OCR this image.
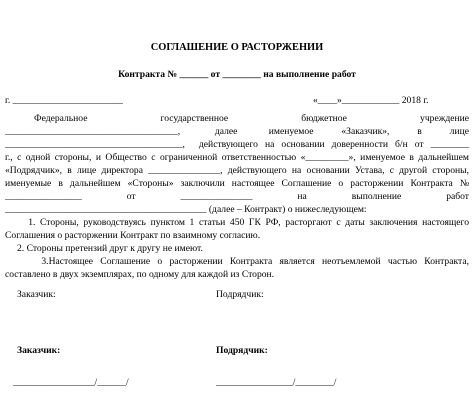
СОГЛАШЕНИЕ О РАСТОРЖЕНИИ
Контракта № ______ от ________ на выполнение работ
г. _______________________	«____»____________ 2018 г.
Федеральное                    государственное                    бюджетное                    учреждение
____________________________________,          далее         именуемое        «Заказчик»,        в        лице
_____________________________________,  действующего на основании доверенности б/н от ________
г., с одной стороны, и Общество с ограниченной ответственностью «_________», именуемое в дальнейшем
«Подрядчик», в лице директора _______________, действующего на основании Устава, с другой стороны,
именуемые в дальнейшем «Стороны» заключили настоящее Соглашение о расторжении Контракта №
________________          от          _______________          на          выполнение          работ
__________________________________________ (далее – Контракт) о нижеследующем:
1. Стороны, руководствуясь пунктом 1 статьи 450 ГК РФ, расторгают с даты заключения настоящего
Соглашения о расторжении Контракт по взаимному согласию.
2. Стороны претензий друг к другу не имеют.
3.Настоящее Соглашение о расторжении Контракта является неотъемлемой частью Контракта,
составлено в двух экземплярах, по одному для каждой из Сторон.
Заказчик:	Подрядчик:
Заказчик:	Подрядчик:
_________________/______/	________________/________/
